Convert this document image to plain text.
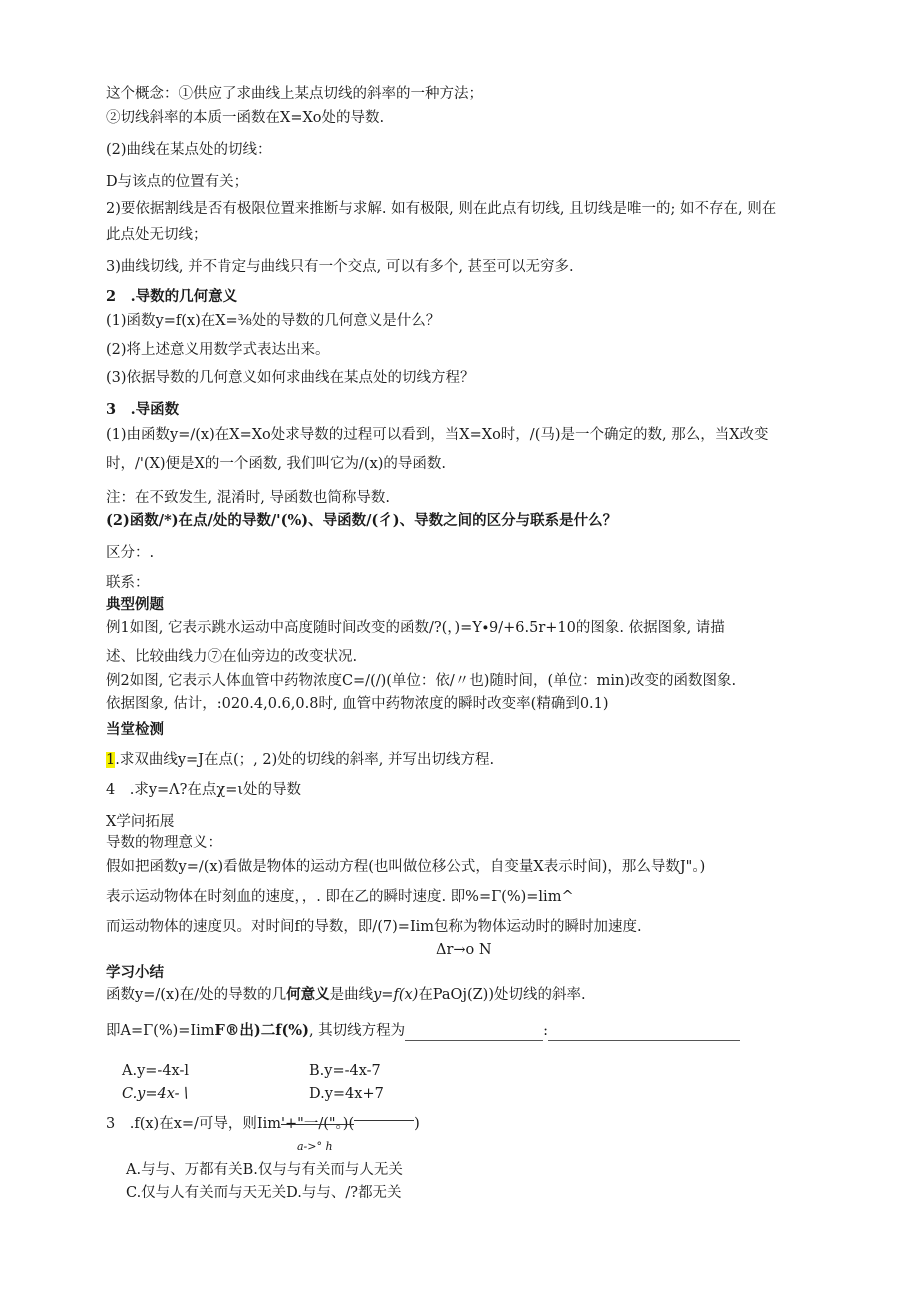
这个概念：①供应了求曲线上某点切线的斜率的一种方法；
②切线斜率的本质一函数在X=Xo处的导数.
(2)曲线在某点处的切线：
D与该点的位置有关；
2)要依据割线是否有极限位置来推断与求解. 如有极限, 则在此点有切线, 且切线是唯一的; 如不存在, 则在
此点处无切线；
3)曲线切线, 并不肯定与曲线只有一个交点, 可以有多个, 甚至可以无穷多.
2　.导数的几何意义
(1)函数y=f(x)在X=⅜处的导数的几何意义是什么？
(2)将上述意义用数学式表达出来。
(3)依据导数的几何意义如何求曲线在某点处的切线方程？
3　.导函数
(1)由函数y=∕(x)在X=Xo处求导数的过程可以看到，当X=Xo时，/(马)是一个确定的数, 那么，当X改变
时，/'(X)便是X的一个函数, 我们叫它为/(x)的导函数.
注：在不致发生, 混淆时, 导函数也简称导数.
(2)函数/*)在点/处的导数/'(%)、导函数/(彳)、导数之间的区分与联系是什么？
区分：.
联系：
典型例题
例1如图, 它表示跳水运动中高度随时间改变的函数/?(，)=Y∙9/+6.5r+10的图象. 依据图象, 请描
述、比较曲线力⑦在仙旁边的改变状况.
例2如图, 它表示人体血管中药物浓度C=/(/)(单位：依/〃也)随时间，(单位：min)改变的函数图象.
依据图象, 估计，:020.4,0.6,0.8时, 血管中药物浓度的瞬时改变率(精确到0.1)
当堂检测
1.求双曲线y=J在点(；, 2)处的切线的斜率, 并写出切线方程.
4　.求y=Λ?在点χ=ι处的导数
X学问拓展
导数的物理意义：
假如把函数y=∕(x)看做是物体的运动方程(也叫做位移公式，自变量X表示时间)，那么导数J"。)
表示运动物体在时刻血的速度，，. 即在乙的瞬时速度. 即%=Γ(%)=lim^
而运动物体的速度贝。对时间f的导数，即/(7)=Iim包称为物体运动时的瞬时加速度.
Δr→o N
学习小结
函数y=/(x)在/处的导数的几何意义是曲线y=f(x)在PaOj(Z))处切线的斜率.
即A=Γ(%)=IimF®出)二f(%), 其切线方程为	:
A.y=-4x-l	B.y=-4x-7
C.y=4x-∖	D.y=4x+7
3　.f(x)在x=/可导，则Iim'+"一/("。)(	)
a->° h
A.与与、万都有关B.仅与与有关而与人无关
C.仅与人有关而与天无关D.与与、/?都无关
